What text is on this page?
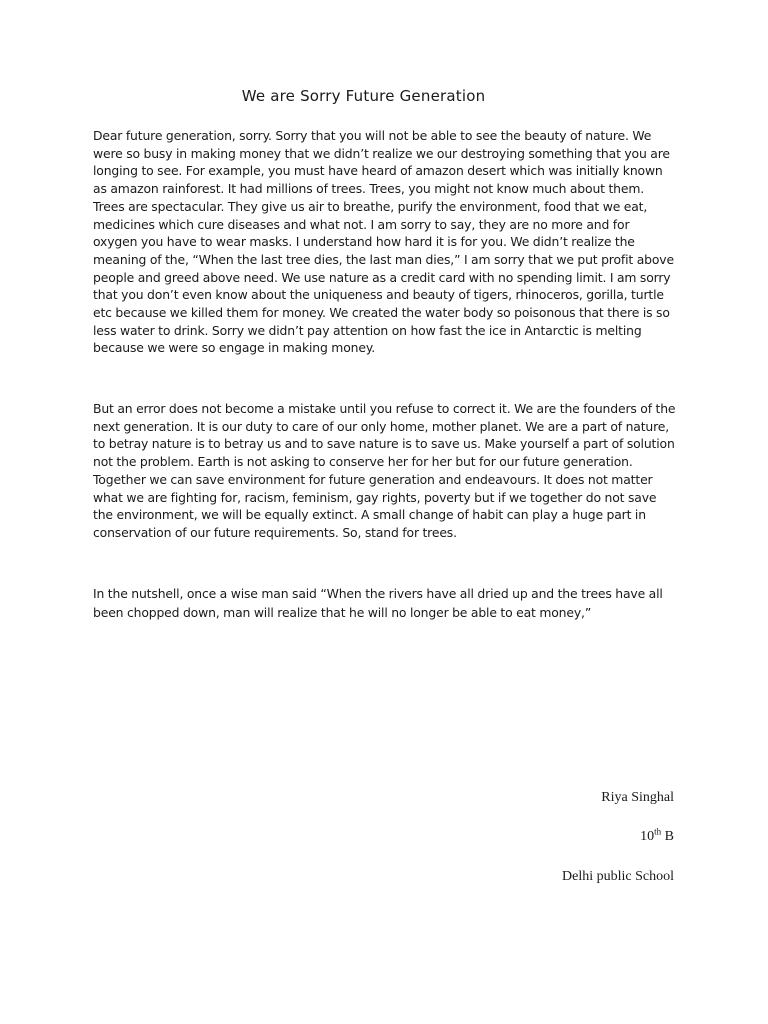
We are Sorry Future Generation

Dear future generation, sorry. Sorry that you will not be able to see the beauty of nature. We were so busy in making money that we didn’t realize we our destroying something that you are longing to see. For example, you must have heard of amazon desert which was initially known as amazon rainforest. It had millions of trees. Trees, you might not know much about them. Trees are spectacular. They give us air to breathe, purify the environment, food that we eat, medicines which cure diseases and what not. I am sorry to say, they are no more and for oxygen you have to wear masks. I understand how hard it is for you. We didn’t realize the meaning of the, “When the last tree dies, the last man dies,” I am sorry that we put profit above people and greed above need. We use nature as a credit card with no spending limit. I am sorry that you don’t even know about the uniqueness and beauty of tigers, rhinoceros, gorilla, turtle etc because we killed them for money. We created the water body so poisonous that there is so less water to drink. Sorry we didn’t pay attention on how fast the ice in Antarctic is melting because we were so engage in making money.

But an error does not become a mistake until you refuse to correct it. We are the founders of the next generation. It is our duty to care of our only home, mother planet. We are a part of nature, to betray nature is to betray us and to save nature is to save us. Make yourself a part of solution not the problem. Earth is not asking to conserve her for her but for our future generation. Together we can save environment for future generation and endeavours. It does not matter what we are fighting for, racism, feminism, gay rights, poverty but if we together do not save the environment, we will be equally extinct. A small change of habit can play a huge part in conservation of our future requirements. So, stand for trees.

In the nutshell, once a wise man said “When the rivers have all dried up and the trees have all been chopped down, man will realize that he will no longer be able to eat money,”

Riya Singhal

10th B

Delhi public School
